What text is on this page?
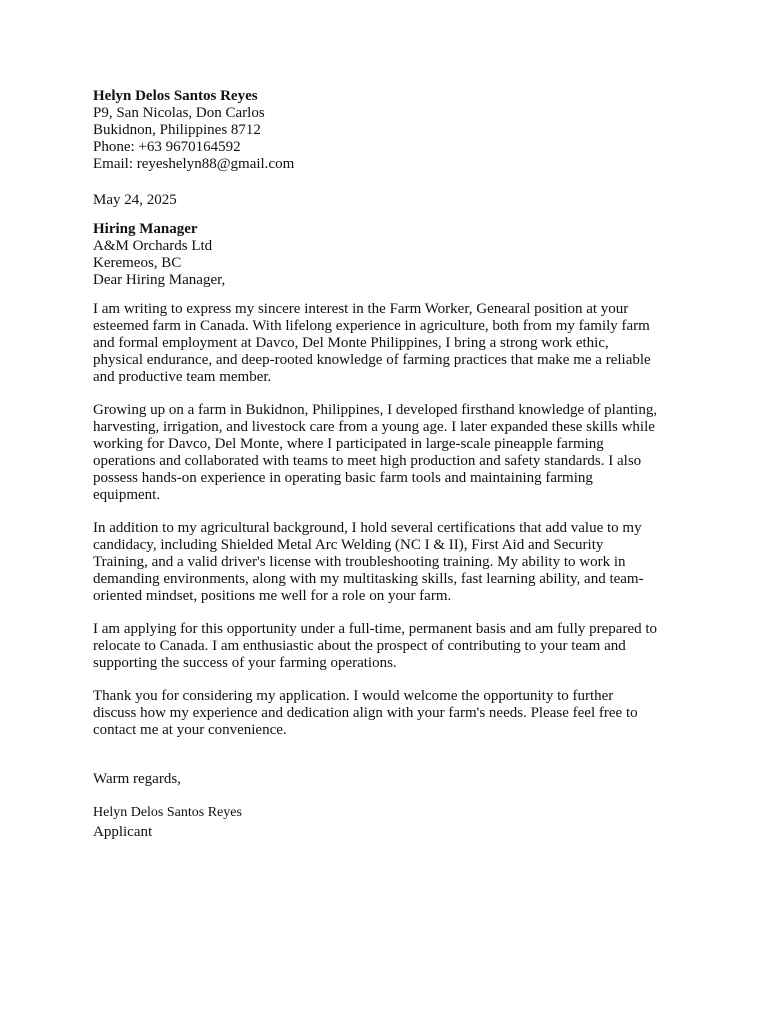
Helyn Delos Santos Reyes
P9, San Nicolas, Don Carlos
Bukidnon, Philippines 8712
Phone: +63 9670164592
Email: reyeshelyn88@gmail.com
May 24, 2025
Hiring Manager
A&M Orchards Ltd
Keremeos, BC
Dear Hiring Manager,
I am writing to express my sincere interest in the Farm Worker, Genearal position at your
esteemed farm in Canada. With lifelong experience in agriculture, both from my family farm
and formal employment at Davco, Del Monte Philippines, I bring a strong work ethic,
physical endurance, and deep-rooted knowledge of farming practices that make me a reliable
and productive team member.
Growing up on a farm in Bukidnon, Philippines, I developed firsthand knowledge of planting,
harvesting, irrigation, and livestock care from a young age. I later expanded these skills while
working for Davco, Del Monte, where I participated in large-scale pineapple farming
operations and collaborated with teams to meet high production and safety standards. I also
possess hands-on experience in operating basic farm tools and maintaining farming
equipment.
In addition to my agricultural background, I hold several certifications that add value to my
candidacy, including Shielded Metal Arc Welding (NC I & II), First Aid and Security
Training, and a valid driver's license with troubleshooting training. My ability to work in
demanding environments, along with my multitasking skills, fast learning ability, and team-
oriented mindset, positions me well for a role on your farm.
I am applying for this opportunity under a full-time, permanent basis and am fully prepared to
relocate to Canada. I am enthusiastic about the prospect of contributing to your team and
supporting the success of your farming operations.
Thank you for considering my application. I would welcome the opportunity to further
discuss how my experience and dedication align with your farm's needs. Please feel free to
contact me at your convenience.
Warm regards,
Helyn Delos Santos Reyes
Applicant
